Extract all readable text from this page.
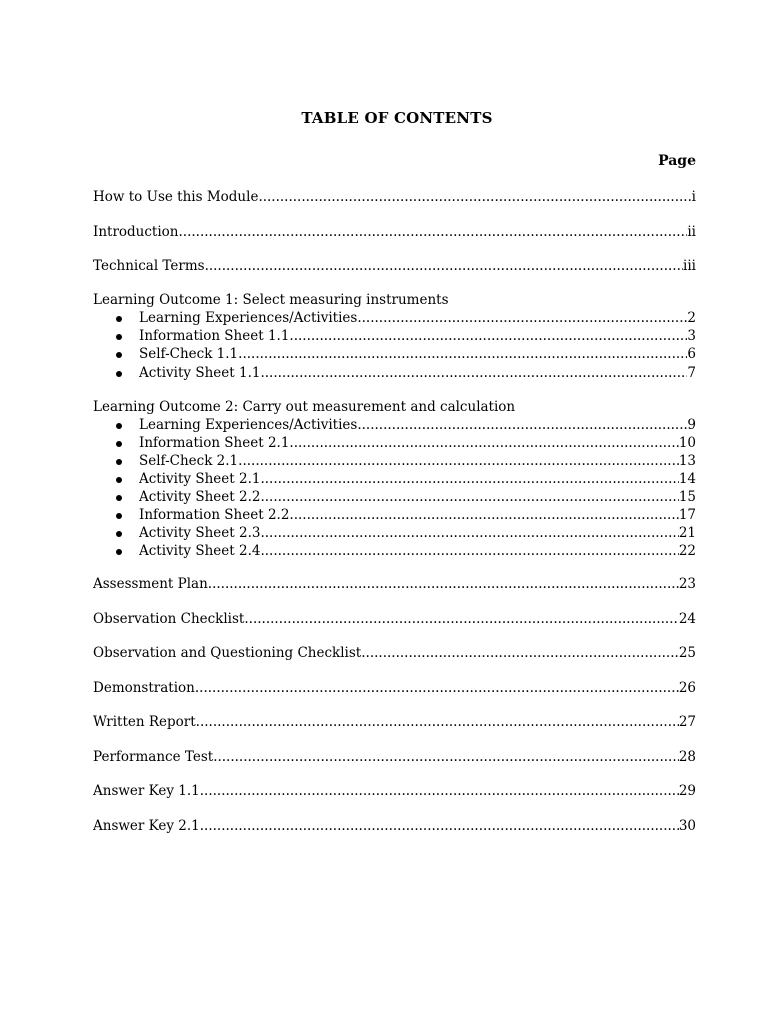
TABLE OF CONTENTS
Page
How to Use this Module .....	i
Introduction .....	ii
Technical Terms .....	iii
Learning Outcome 1: Select measuring instruments
Learning Experiences/Activities .....	2
Information Sheet 1.1 .....	3
Self-Check 1.1 .....	6
Activity Sheet 1.1 .....	7
Learning Outcome 2: Carry out measurement and calculation
Learning Experiences/Activities .....	9
Information Sheet 2.1 .....	10
Self-Check 2.1 .....	13
Activity Sheet 2.1 .....	14
Activity Sheet 2.2 .....	15
Information Sheet 2.2 .....	17
Activity Sheet 2.3 .....	21
Activity Sheet 2.4 .....	22
Assessment Plan .....	23
Observation Checklist .....	24
Observation and Questioning Checklist .....	25
Demonstration .....	26
Written Report .....	27
Performance Test .....	28
Answer Key 1.1 .....	29
Answer Key 2.1 .....	30
